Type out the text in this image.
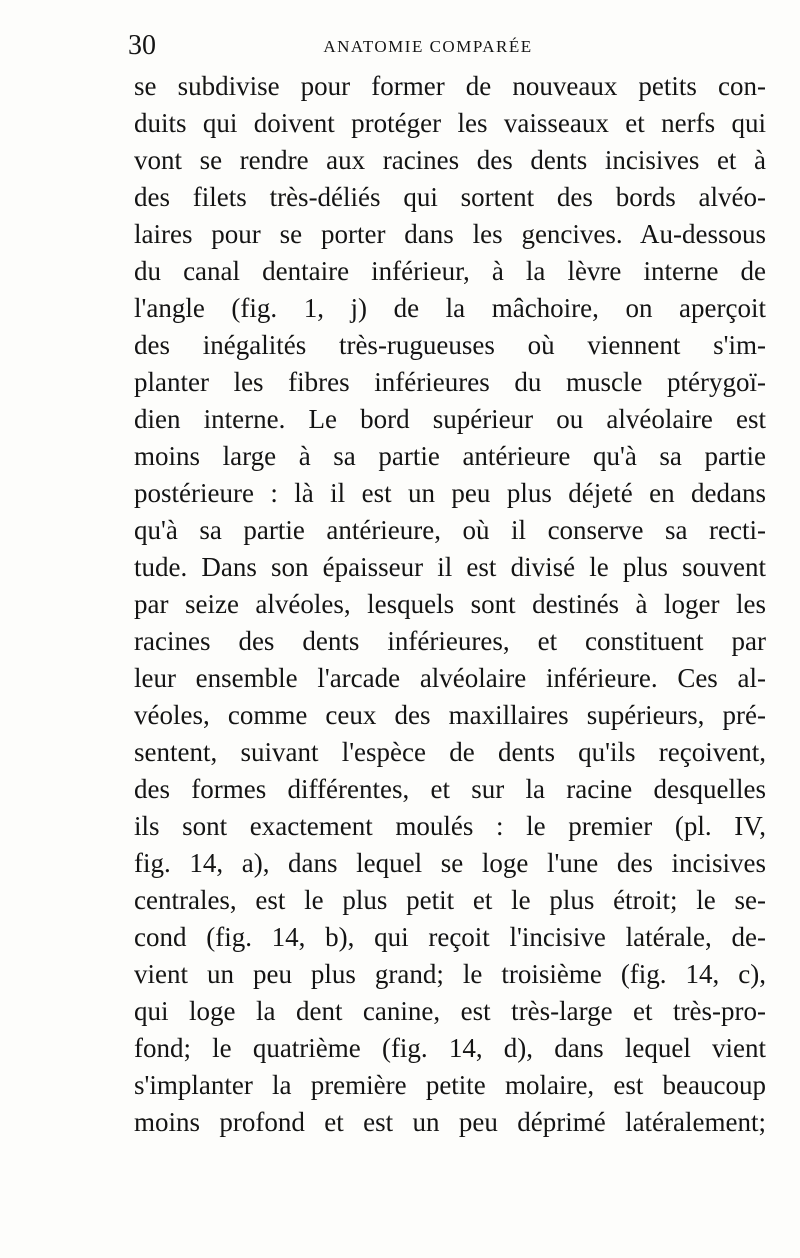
30	ANATOMIE COMPARÉE
se subdivise pour former de nouveaux petits con-
duits qui doivent protéger les vaisseaux et nerfs qui
vont se rendre aux racines des dents incisives et à
des filets très-déliés qui sortent des bords alvéo-
laires pour se porter dans les gencives. Au-dessous
du canal dentaire inférieur, à la lèvre interne de
l'angle (fig. 1, j) de la mâchoire, on aperçoit
des inégalités très-rugueuses où viennent s'im-
planter les fibres inférieures du muscle ptérygoï-
dien interne. Le bord supérieur ou alvéolaire est
moins large à sa partie antérieure qu'à sa partie
postérieure : là il est un peu plus déjeté en dedans
qu'à sa partie antérieure, où il conserve sa recti-
tude. Dans son épaisseur il est divisé le plus souvent
par seize alvéoles, lesquels sont destinés à loger les
racines des dents inférieures, et constituent par
leur ensemble l'arcade alvéolaire inférieure. Ces al-
véoles, comme ceux des maxillaires supérieurs, pré-
sentent, suivant l'espèce de dents qu'ils reçoivent,
des formes différentes, et sur la racine desquelles
ils sont exactement moulés : le premier (pl. IV,
fig. 14, a), dans lequel se loge l'une des incisives
centrales, est le plus petit et le plus étroit; le se-
cond (fig. 14, b), qui reçoit l'incisive latérale, de-
vient un peu plus grand; le troisième (fig. 14, c),
qui loge la dent canine, est très-large et très-pro-
fond; le quatrième (fig. 14, d), dans lequel vient
s'implanter la première petite molaire, est beaucoup
moins profond et est un peu déprimé latéralement;
